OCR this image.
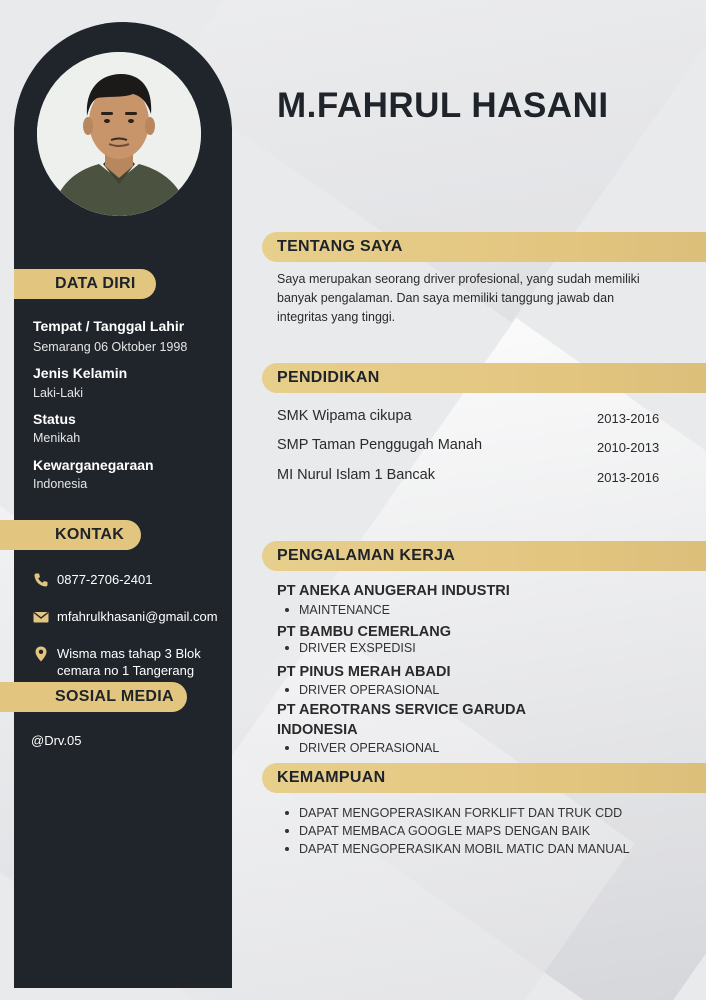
DATA DIRI
Tempat / Tanggal Lahir
Semarang 06 Oktober 1998
Jenis Kelamin
Laki-Laki
Status
Menikah
Kewarganegaraan
Indonesia
KONTAK
0877-2706-2401
mfahrulkhasani@gmail.com
Wisma mas tahap 3 Blok
cemara no 1 Tangerang
SOSIAL MEDIA
@Drv.05
M.FAHRUL HASANI
TENTANG SAYA
Saya merupakan seorang driver profesional, yang sudah memiliki
banyak pengalaman. Dan saya memiliki tanggung jawab dan
integritas yang tinggi.
PENDIDIKAN
SMK Wipama cikupa	2013-2016
SMP Taman Penggugah Manah	2010-2013
MI Nurul Islam 1 Bancak	2013-2016
PENGALAMAN KERJA
PT ANEKA ANUGERAH INDUSTRI
MAINTENANCE
PT BAMBU CEMERLANG
DRIVER EXSPEDISI
PT PINUS MERAH ABADI
DRIVER OPERASIONAL
PT AEROTRANS SERVICE GARUDA
INDONESIA
DRIVER OPERASIONAL
KEMAMPUAN
DAPAT MENGOPERASIKAN FORKLIFT DAN TRUK CDD
DAPAT MEMBACA GOOGLE MAPS DENGAN BAIK
DAPAT MENGOPERASIKAN MOBIL MATIC DAN MANUAL
